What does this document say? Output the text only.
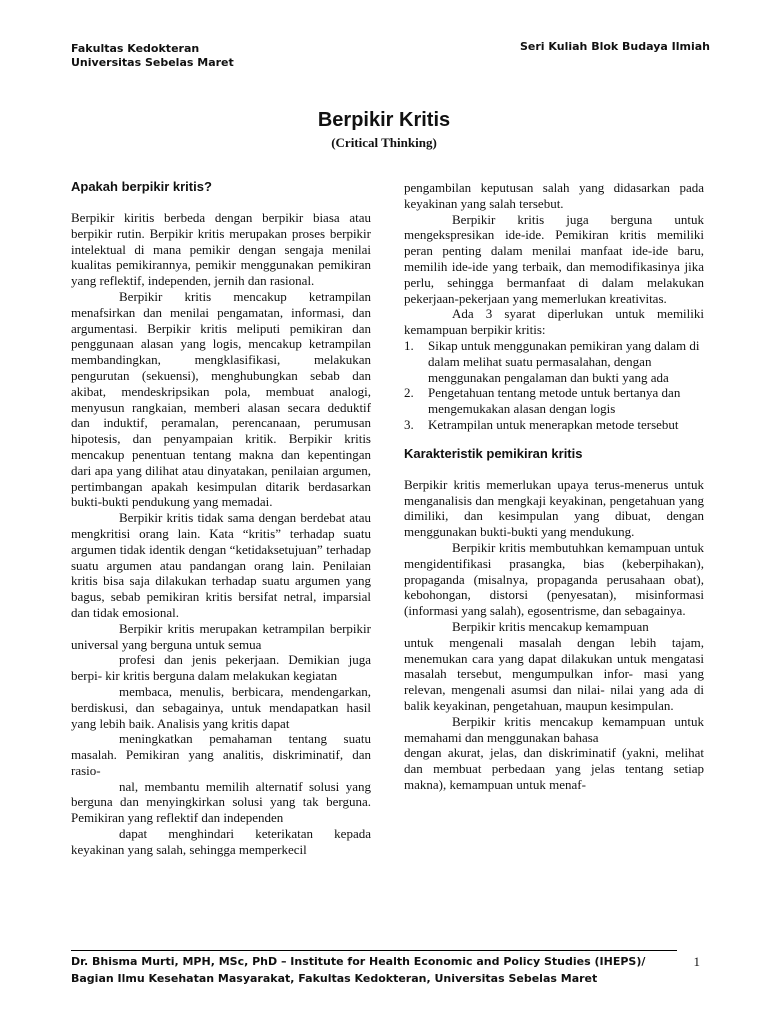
Fakultas Kedokteran
Universitas Sebelas Maret
Seri Kuliah Blok Budaya Ilmiah
Berpikir Kritis
(Critical Thinking)
Apakah berpikir kritis?

Berpikir kiritis berbeda dengan berpikir biasa atau berpikir rutin. Berpikir kritis merupakan proses berpikir intelektual di mana pemikir dengan sengaja menilai kualitas pemikirannya, pemikir menggunakan pemikiran yang reflektif, independen, jernih dan rasional.

Berpikir kritis mencakup ketrampilan menafsirkan dan menilai pengamatan, informasi, dan argumentasi. Berpikir kritis meliputi pemikiran dan penggunaan alasan yang logis, mencakup ketrampilan membandingkan, mengklasifikasi, melakukan pengurutan (sekuensi), menghubungkan sebab dan akibat, mendeskripsikan pola, membuat analogi, menyusun rangkaian, memberi alasan secara deduktif dan induktif, peramalan, perencanaan, perumusan hipotesis, dan penyampaian kritik. Berpikir kritis mencakup penentuan tentang makna dan kepentingan dari apa yang dilihat atau dinyatakan, penilaian argumen, pertimbangan apakah kesimpulan ditarik berdasarkan bukti-bukti pendukung yang memadai.

Berpikir kritis tidak sama dengan berdebat atau mengkritisi orang lain. Kata “kritis” terhadap suatu argumen tidak identik dengan “ketidaksetujuan” terhadap suatu argumen atau pandangan orang lain. Penilaian kritis bisa saja dilakukan terhadap suatu argumen yang bagus, sebab pemikiran kritis bersifat netral, imparsial dan tidak emosional.

Berpikir kritis merupakan ketrampilan berpikir universal yang berguna untuk semua

profesi dan jenis pekerjaan. Demikian juga berpi- kir kritis berguna dalam melakukan kegiatan

membaca, menulis, berbicara, mendengarkan, berdiskusi, dan sebagainya, untuk mendapatkan hasil yang lebih baik. Analisis yang kritis dapat

meningkatkan pemahaman tentang suatu masalah. Pemikiran yang analitis, diskriminatif, dan rasio-

nal, membantu memilih alternatif solusi yang berguna dan menyingkirkan solusi yang tak berguna. Pemikiran yang reflektif dan independen

dapat menghindari keterikatan kepada keyakinan yang salah, sehingga memperkecil

pengambilan keputusan salah yang didasarkan pada keyakinan yang salah tersebut.

Berpikir kritis juga berguna untuk mengekspresikan ide-ide. Pemikiran kritis memiliki peran penting dalam menilai manfaat ide-ide baru, memilih ide-ide yang terbaik, dan memodifikasinya jika perlu, sehingga bermanfaat di dalam melakukan pekerjaan-pekerjaan yang memerlukan kreativitas.

Ada 3 syarat diperlukan untuk memiliki kemampuan berpikir kritis:

1.	Sikap untuk menggunakan pemikiran yang dalam di dalam melihat suatu permasalahan, dengan menggunakan pengalaman dan bukti yang ada
2.	Pengetahuan tentang metode untuk bertanya dan mengemukakan alasan dengan logis
3.	Ketrampilan untuk menerapkan metode tersebut
Karakteristik pemikiran kritis

Berpikir kritis memerlukan upaya terus-menerus untuk menganalisis dan mengkaji keyakinan, pengetahuan yang dimiliki, dan kesimpulan yang dibuat, dengan menggunakan bukti-bukti yang mendukung.

Berpikir kritis membutuhkan kemampuan untuk mengidentifikasi prasangka, bias (keberpihakan), propaganda (misalnya, propaganda perusahaan obat), kebohongan, distorsi (penyesatan), misinformasi (informasi yang salah), egosentrisme, dan sebagainya.

Berpikir kritis mencakup kemampuan

untuk mengenali masalah dengan lebih tajam, menemukan cara yang dapat dilakukan untuk mengatasi masalah tersebut, mengumpulkan infor- masi yang relevan, mengenali asumsi dan nilai- nilai yang ada di balik keyakinan, pengetahuan, maupun kesimpulan.

Berpikir kritis mencakup kemampuan untuk memahami dan menggunakan bahasa

dengan akurat, jelas, dan diskriminatif (yakni, melihat dan membuat perbedaan yang jelas tentang setiap makna), kemampuan untuk menaf-

Dr. Bhisma Murti, MPH, MSc, PhD – Institute for Health Economic and Policy Studies (IHEPS)/
Bagian Ilmu Kesehatan Masyarakat, Fakultas Kedokteran, Universitas Sebelas Maret
1
